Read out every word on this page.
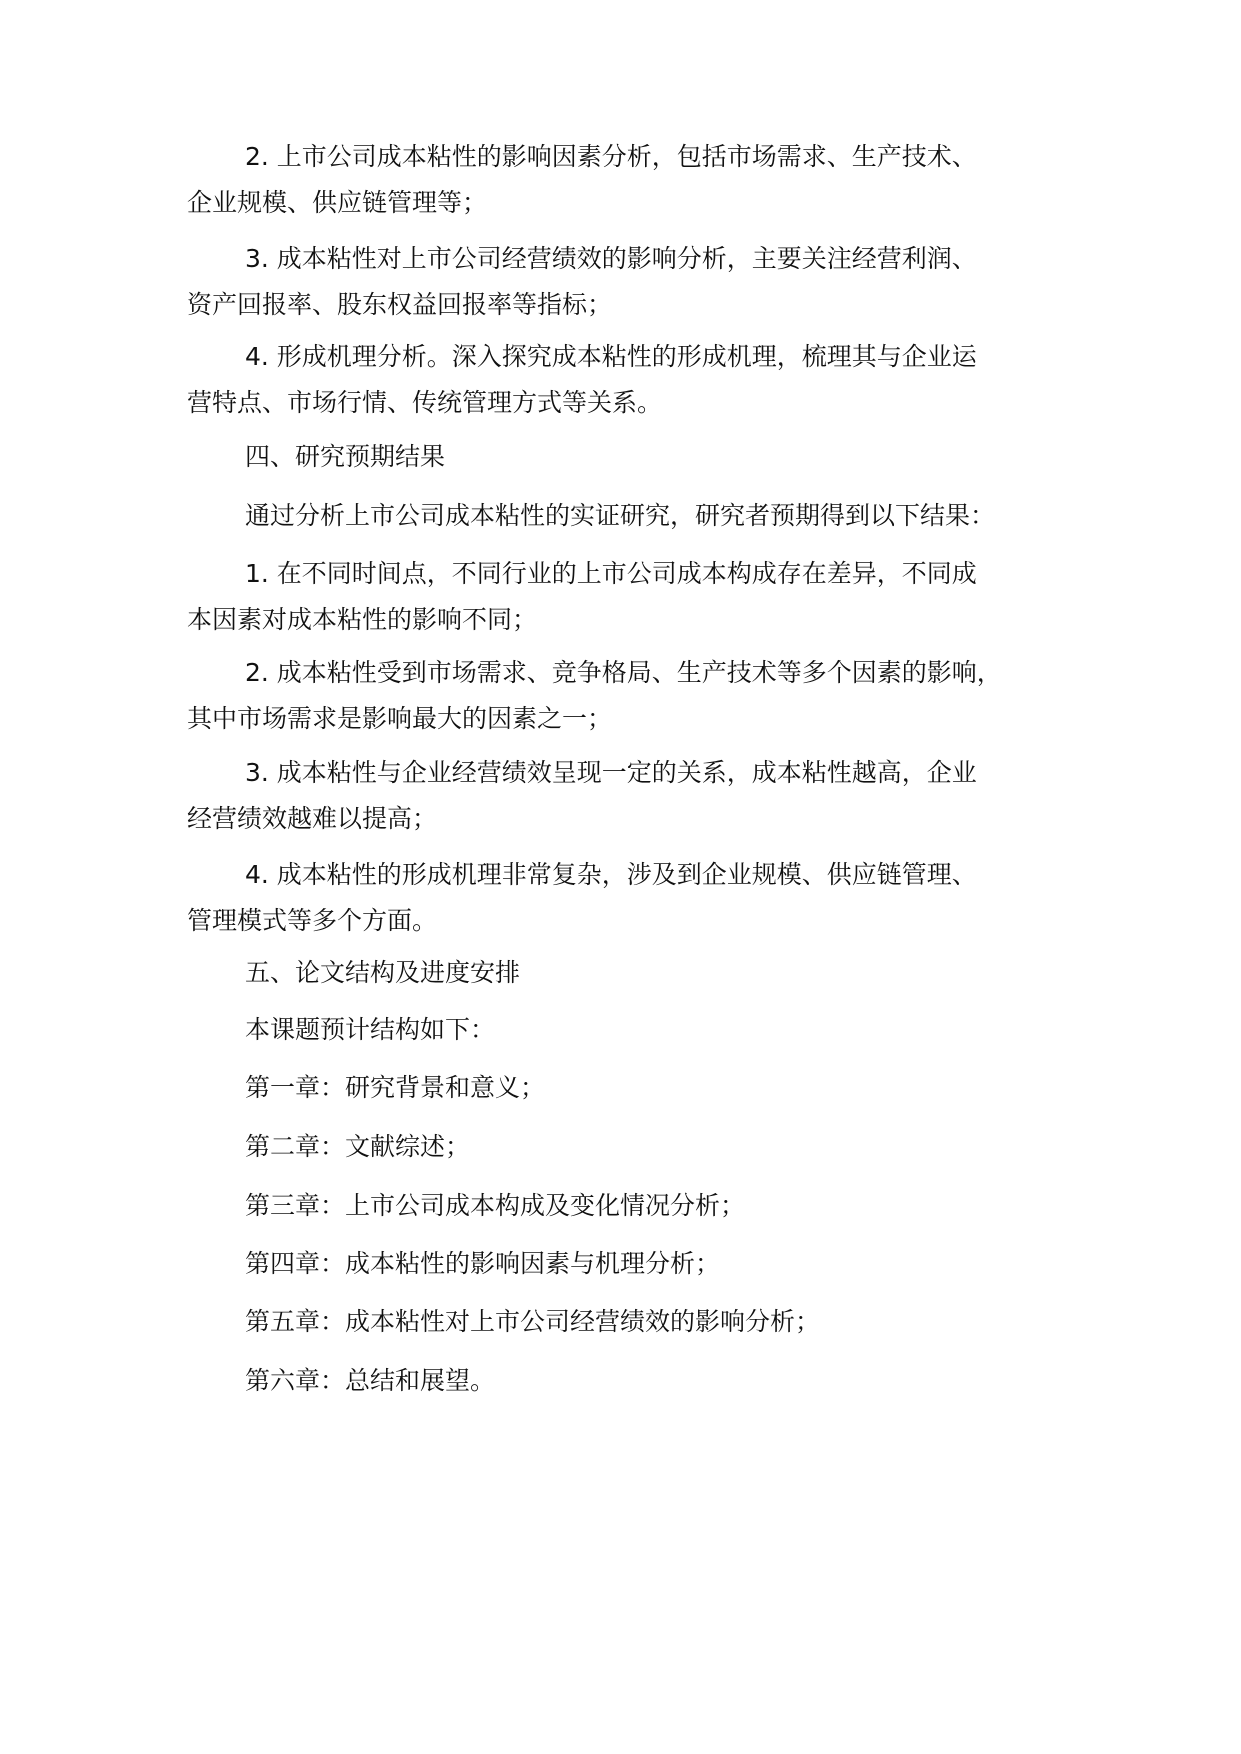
2. 上市公司成本粘性的影响因素分析，包括市场需求、生产技术、
企业规模、供应链管理等；

3. 成本粘性对上市公司经营绩效的影响分析，主要关注经营利润、
资产回报率、股东权益回报率等指标；

4. 形成机理分析。深入探究成本粘性的形成机理，梳理其与企业运
营特点、市场行情、传统管理方式等关系。

四、研究预期结果

通过分析上市公司成本粘性的实证研究，研究者预期得到以下结果：

1. 在不同时间点，不同行业的上市公司成本构成存在差异，不同成
本因素对成本粘性的影响不同；

2. 成本粘性受到市场需求、竞争格局、生产技术等多个因素的影响，
其中市场需求是影响最大的因素之一；

3. 成本粘性与企业经营绩效呈现一定的关系，成本粘性越高，企业
经营绩效越难以提高；

4. 成本粘性的形成机理非常复杂，涉及到企业规模、供应链管理、
管理模式等多个方面。

五、论文结构及进度安排

本课题预计结构如下：

第一章：研究背景和意义；

第二章：文献综述；

第三章：上市公司成本构成及变化情况分析；

第四章：成本粘性的影响因素与机理分析；

第五章：成本粘性对上市公司经营绩效的影响分析；

第六章：总结和展望。
